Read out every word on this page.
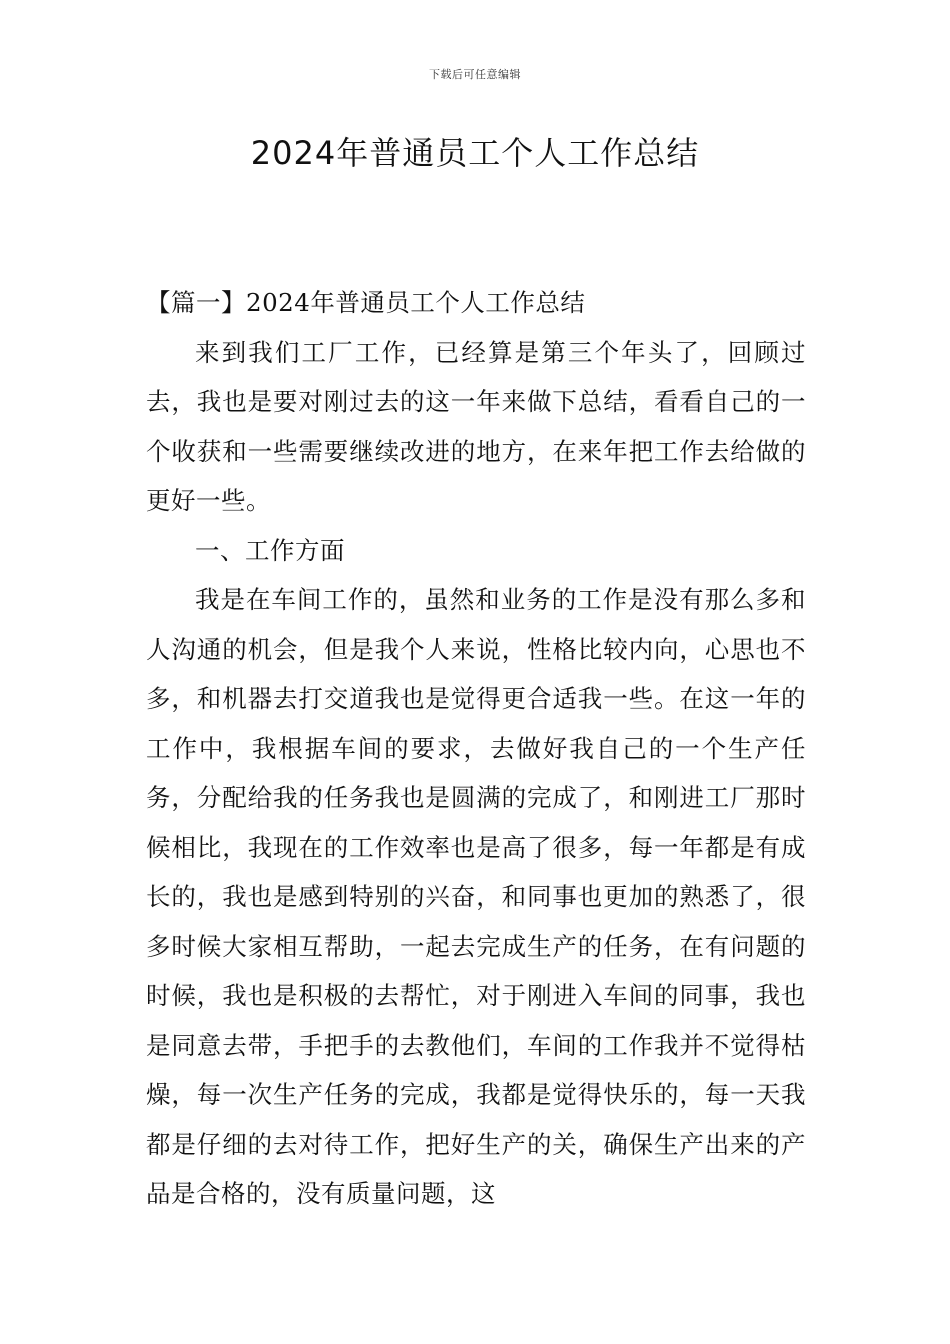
下载后可任意编辑
2024年普通员工个人工作总结

【篇一】2024年普通员工个人工作总结

来到我们工厂工作，已经算是第三个年头了，回顾过去，我也是要对刚过去的这一年来做下总结，看看自己的一个收获和一些需要继续改进的地方，在来年把工作去给做的更好一些。

一、工作方面

我是在车间工作的，虽然和业务的工作是没有那么多和人沟通的机会，但是我个人来说，性格比较内向，心思也不多，和机器去打交道我也是觉得更合适我一些。在这一年的工作中，我根据车间的要求，去做好我自己的一个生产任务，分配给我的任务我也是圆满的完成了，和刚进工厂那时候相比，我现在的工作效率也是高了很多，每一年都是有成长的，我也是感到特别的兴奋，和同事也更加的熟悉了，很多时候大家相互帮助，一起去完成生产的任务，在有问题的时候，我也是积极的去帮忙，对于刚进入车间的同事，我也是同意去带，手把手的去教他们，车间的工作我并不觉得枯燥，每一次生产任务的完成，我都是觉得快乐的，每一天我都是仔细的去对待工作，把好生产的关，确保生产出来的产品是合格的，没有质量问题，这
